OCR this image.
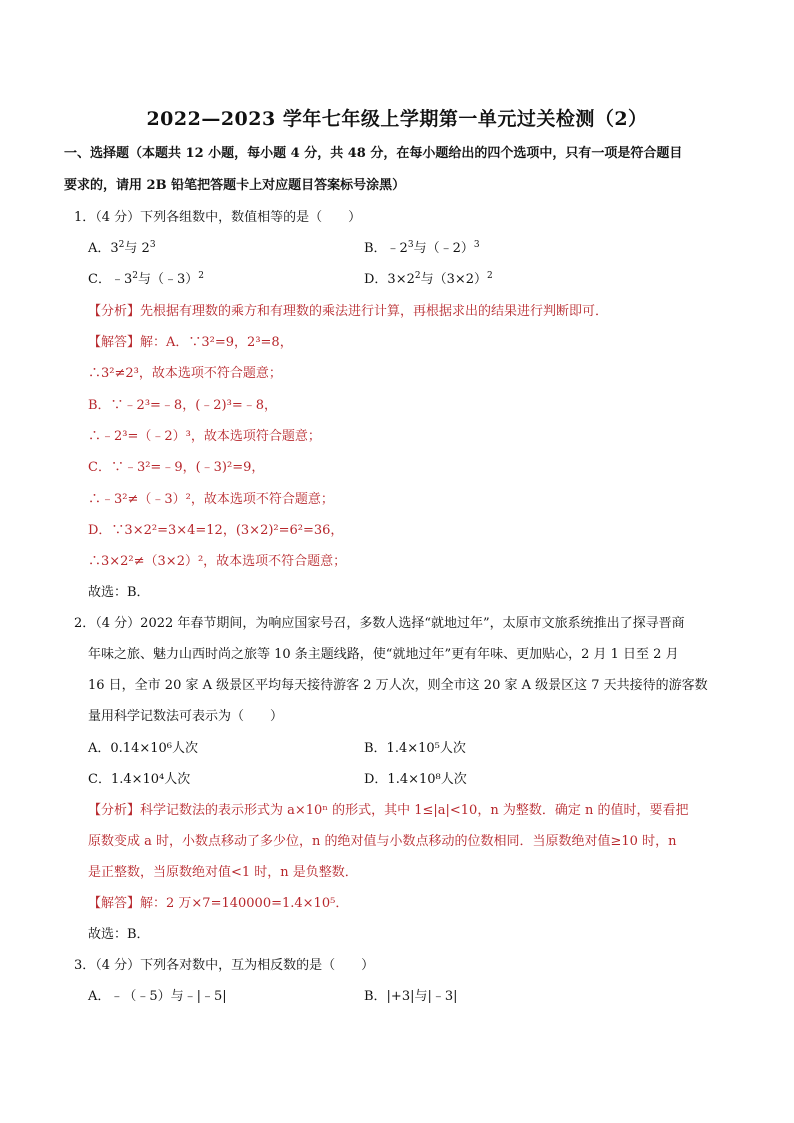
2022—2023 学年七年级上学期第一单元过关检测（2）
一、选择题（本题共 12 小题，每小题 4 分，共 48 分，在每小题给出的四个选项中，只有一项是符合题目
要求的，请用 2B 铅笔把答题卡上对应题目答案标号涂黑）
1．（4 分）下列各组数中，数值相等的是（　　）
A．$3^2$与 $2^3$	B．$﹣2^3$与（﹣2）$^3$
C．$﹣3^2$与（﹣3）$^2$	D．$3\times 2^2$与$(3\times 2)^2$
【分析】先根据有理数的乘方和有理数的乘法进行计算，再根据求出的结果进行判断即可．
【解答】解：A．∵3²=9，2³=8，
∴3²≠2³，故本选项不符合题意；
B．∵﹣2³=﹣8，(﹣2)³=﹣8，
∴﹣2³=（﹣2）³，故本选项符合题意；
C．∵﹣3²=﹣9，(﹣3)²=9，
∴﹣3²≠（﹣3）²，故本选项不符合题意；
D．∵3×2²=3×4=12，(3×2)²=6²=36，
∴3×2²≠（3×2）²，故本选项不符合题意；
故选：B．
2．（4 分）2022 年春节期间，为响应国家号召，多数人选择“就地过年”，太原市文旅系统推出了探寻晋商
年味之旅、魅力山西时尚之旅等 10 条主题线路，使“就地过年”更有年味、更加贴心，2 月 1 日至 2 月
16 日，全市 20 家 A 级景区平均每天接待游客 2 万人次，则全市这 20 家 A 级景区这 7 天共接待的游客数
量用科学记数法可表示为（　　）
A．0.14×10⁶人次	B．1.4×10⁵人次
C．1.4×10⁴人次	D．1.4×10⁸人次
【分析】科学记数法的表示形式为 a×10ⁿ 的形式，其中 1≤|a|<10，n 为整数．确定 n 的值时，要看把
原数变成 a 时，小数点移动了多少位，n 的绝对值与小数点移动的位数相同．当原数绝对值≥10 时，n
是正整数，当原数绝对值<1 时，n 是负整数．
【解答】解：2 万×7=140000=1.4×10⁵．
故选：B．
3．（4 分）下列各对数中，互为相反数的是（　　）
A．﹣（﹣5）与﹣|﹣5|	B．|+3|与|﹣3|
